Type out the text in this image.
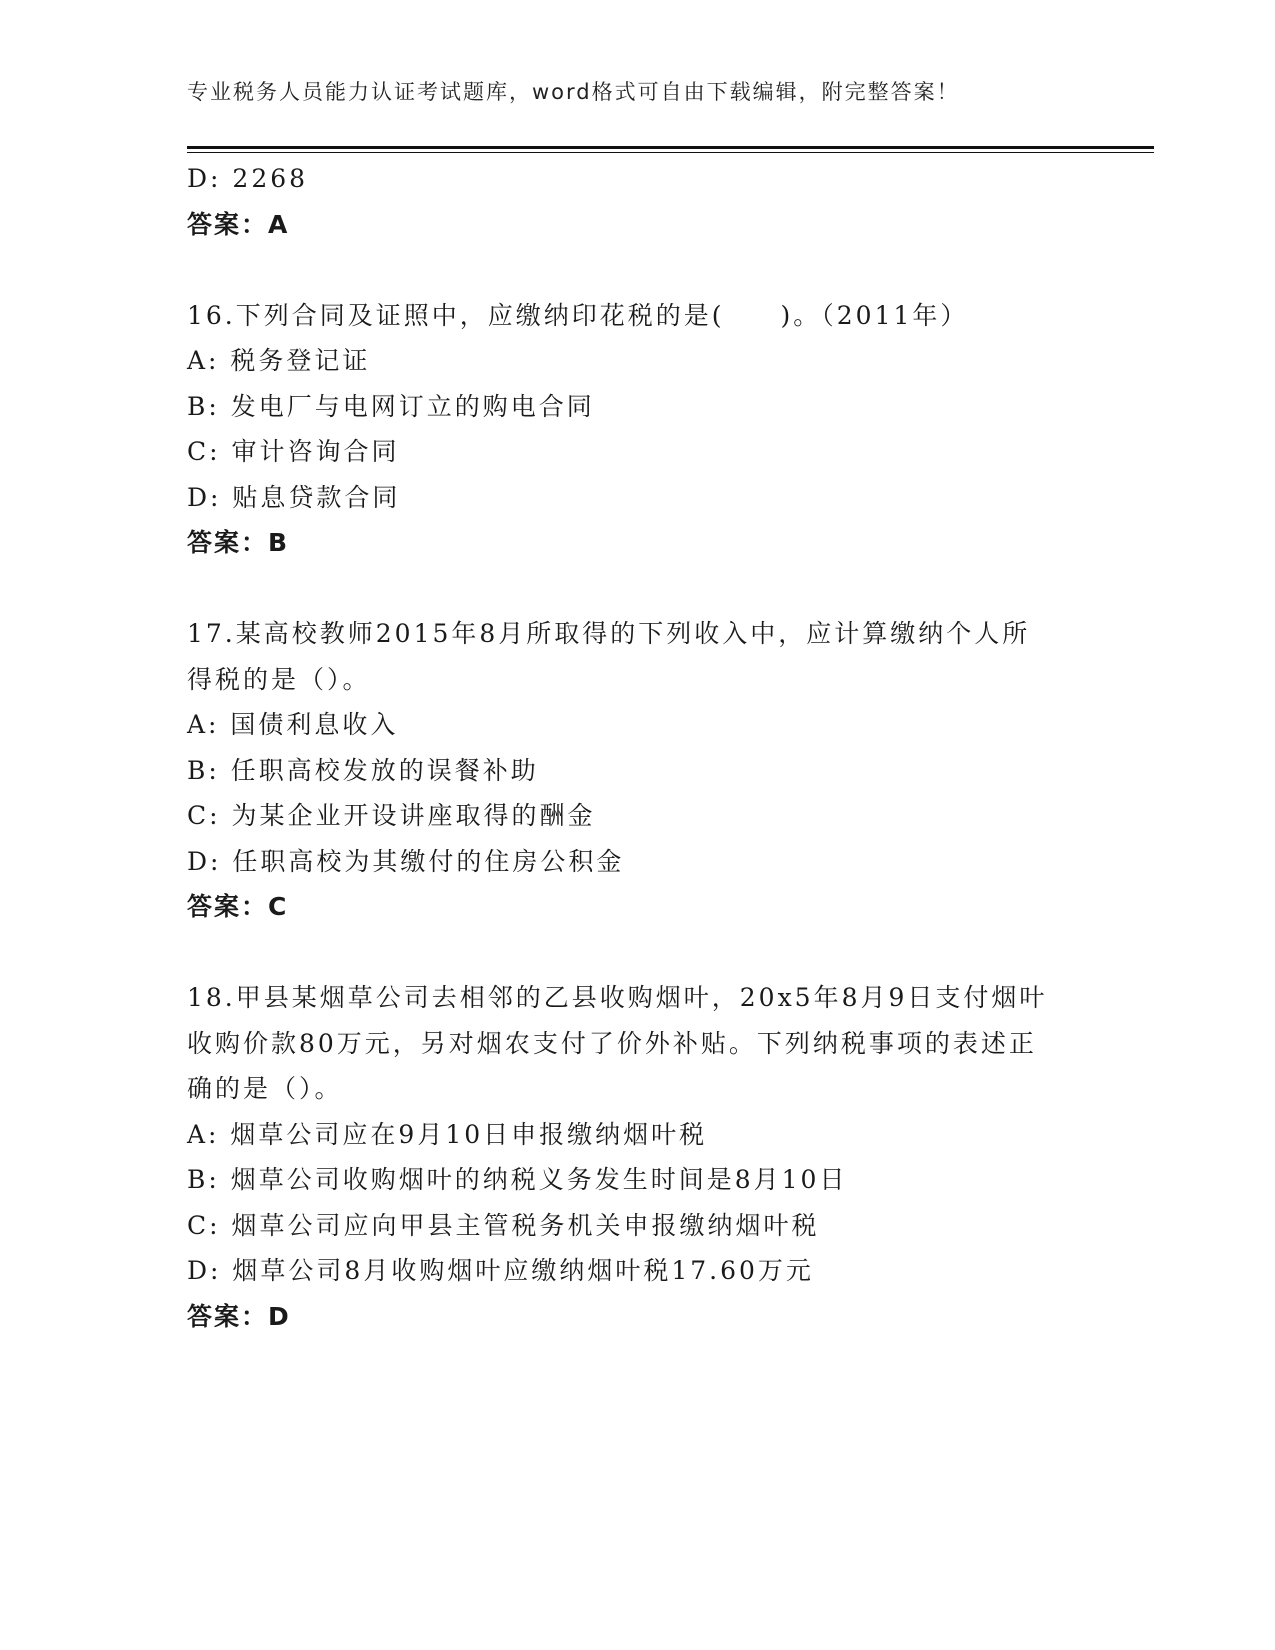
专业税务人员能力认证考试题库，word格式可自由下载编辑，附完整答案！
D: 2268
答案：A
16.下列合同及证照中，应缴纳印花税的是(　　)。（2011年）
A: 税务登记证
B: 发电厂与电网订立的购电合同
C: 审计咨询合同
D: 贴息贷款合同
答案：B
17.某高校教师2015年8月所取得的下列收入中，应计算缴纳个人所
得税的是（）。
A: 国债利息收入
B: 任职高校发放的误餐补助
C: 为某企业开设讲座取得的酬金
D: 任职高校为其缴付的住房公积金
答案：C
18.甲县某烟草公司去相邻的乙县收购烟叶，20x5年8月9日支付烟叶
收购价款80万元，另对烟农支付了价外补贴。下列纳税事项的表述正
确的是（）。
A: 烟草公司应在9月10日申报缴纳烟叶税
B: 烟草公司收购烟叶的纳税义务发生时间是8月10日
C: 烟草公司应向甲县主管税务机关申报缴纳烟叶税
D: 烟草公司8月收购烟叶应缴纳烟叶税17.60万元
答案：D
